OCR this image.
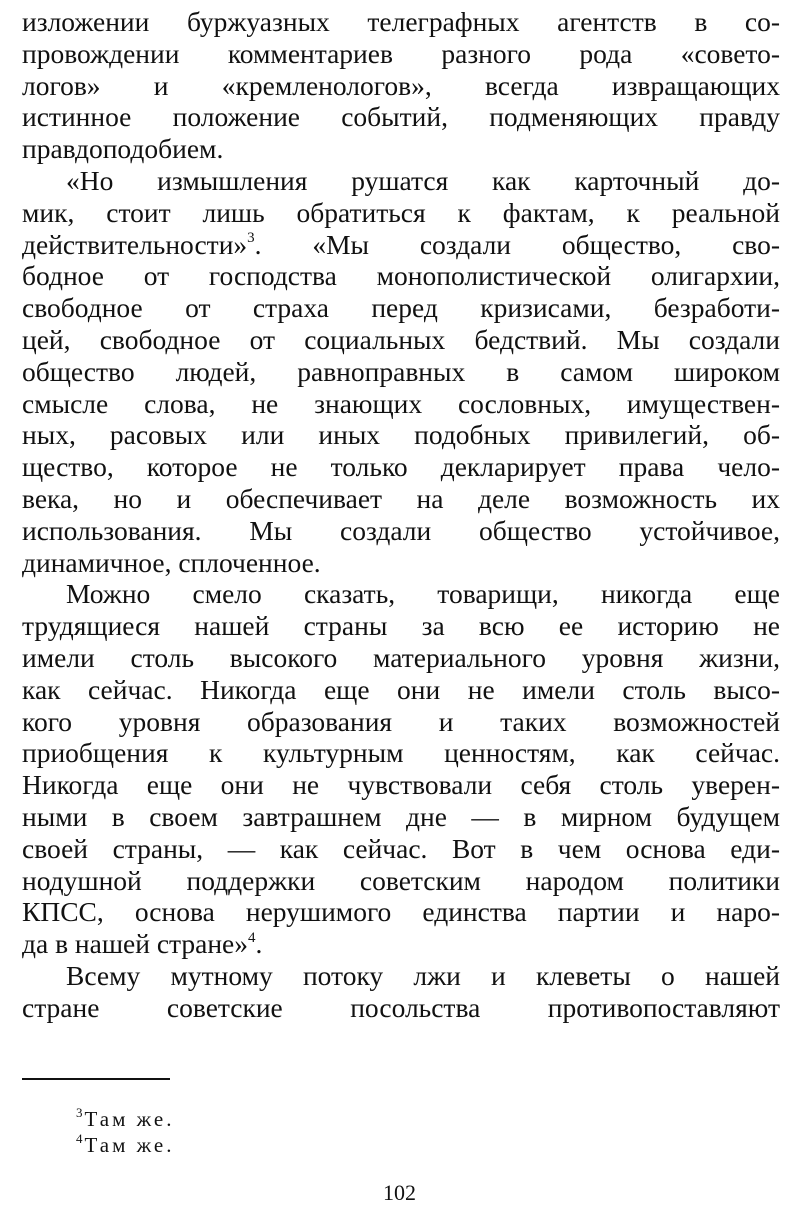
изложении буржуазных телеграфных агентств в со-
провождении комментариев разного рода «совето-
логов» и «кремленологов», всегда извращающих
истинное положение событий, подменяющих правду
правдоподобием.
«Но измышления рушатся как карточный до-
мик, стоит лишь обратиться к фактам, к реальной
действительности»$^3$. «Мы создали общество, сво-
бодное от господства монополистической олигархии,
свободное от страха перед кризисами, безработи-
цей, свободное от социальных бедствий. Мы создали
общество людей, равноправных в самом широком
смысле слова, не знающих сословных, имуществен-
ных, расовых или иных подобных привилегий, об-
щество, которое не только декларирует права чело-
века, но и обеспечивает на деле возможность их
использования. Мы создали общество устойчивое,
динамичное, сплоченное.
Можно смело сказать, товарищи, никогда еще
трудящиеся нашей страны за всю ее историю не
имели столь высокого материального уровня жизни,
как сейчас. Никогда еще они не имели столь высо-
кого уровня образования и таких возможностей
приобщения к культурным ценностям, как сейчас.
Никогда еще они не чувствовали себя столь уверен-
ными в своем завтрашнем дне — в мирном будущем
своей страны, — как сейчас. Вот в чем основа еди-
нодушной поддержки советским народом политики
КПСС, основа нерушимого единства партии и наро-
да в нашей стране»$^4$.
Всему мутному потоку лжи и клеветы о нашей
стране советские посольства противопоставляют
$^3$Там же.
$^4$Там же.
102
